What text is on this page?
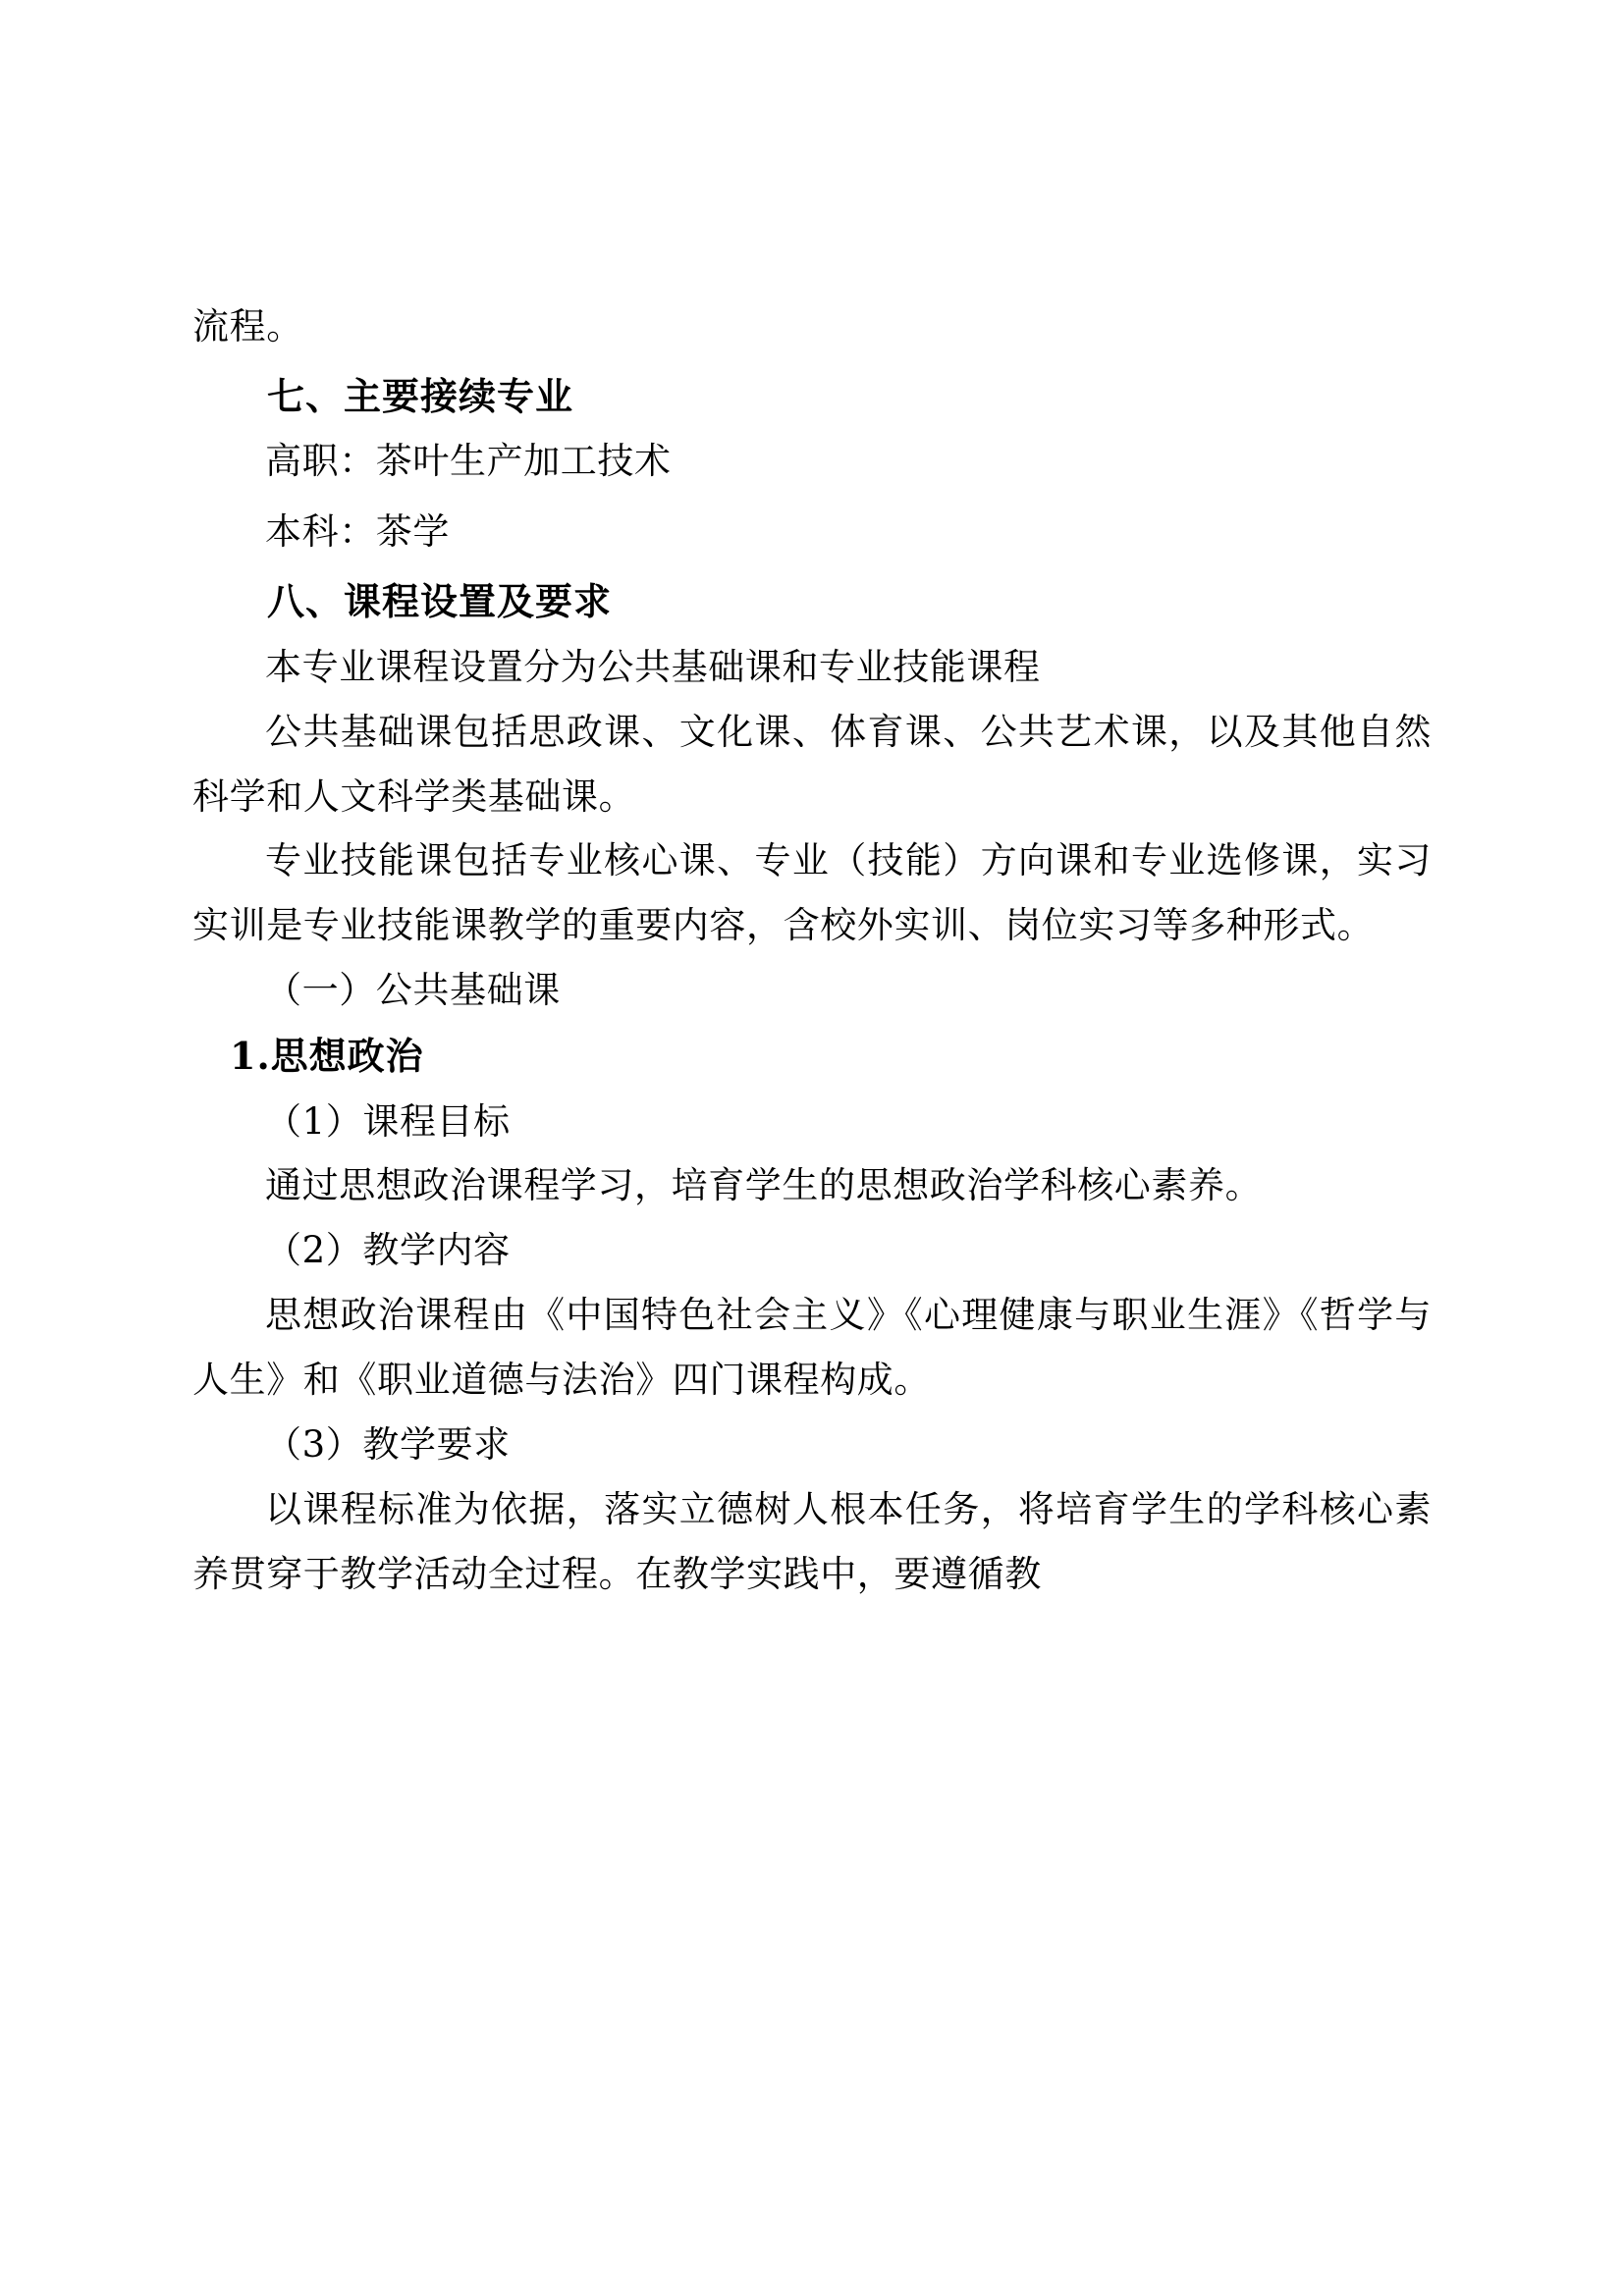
流程。

七、主要接续专业

高职：茶叶生产加工技术

本科：茶学

八、课程设置及要求

本专业课程设置分为公共基础课和专业技能课程

公共基础课包括思政课、文化课、体育课、公共艺术课，以及其他自然科学和人文科学类基础课。

专业技能课包括专业核心课、专业（技能）方向课和专业选修课，实习实训是专业技能课教学的重要内容，含校外实训、岗位实习等多种形式。

（一）公共基础课

1.思想政治

（1）课程目标

通过思想政治课程学习，培育学生的思想政治学科核心素养。

（2）教学内容

思想政治课程由《中国特色社会主义》《心理健康与职业生涯》《哲学与人生》和《职业道德与法治》四门课程构成。

（3）教学要求

以课程标准为依据，落实立德树人根本任务，将培育学生的学科核心素养贯穿于教学活动全过程。在教学实践中，要遵循教
